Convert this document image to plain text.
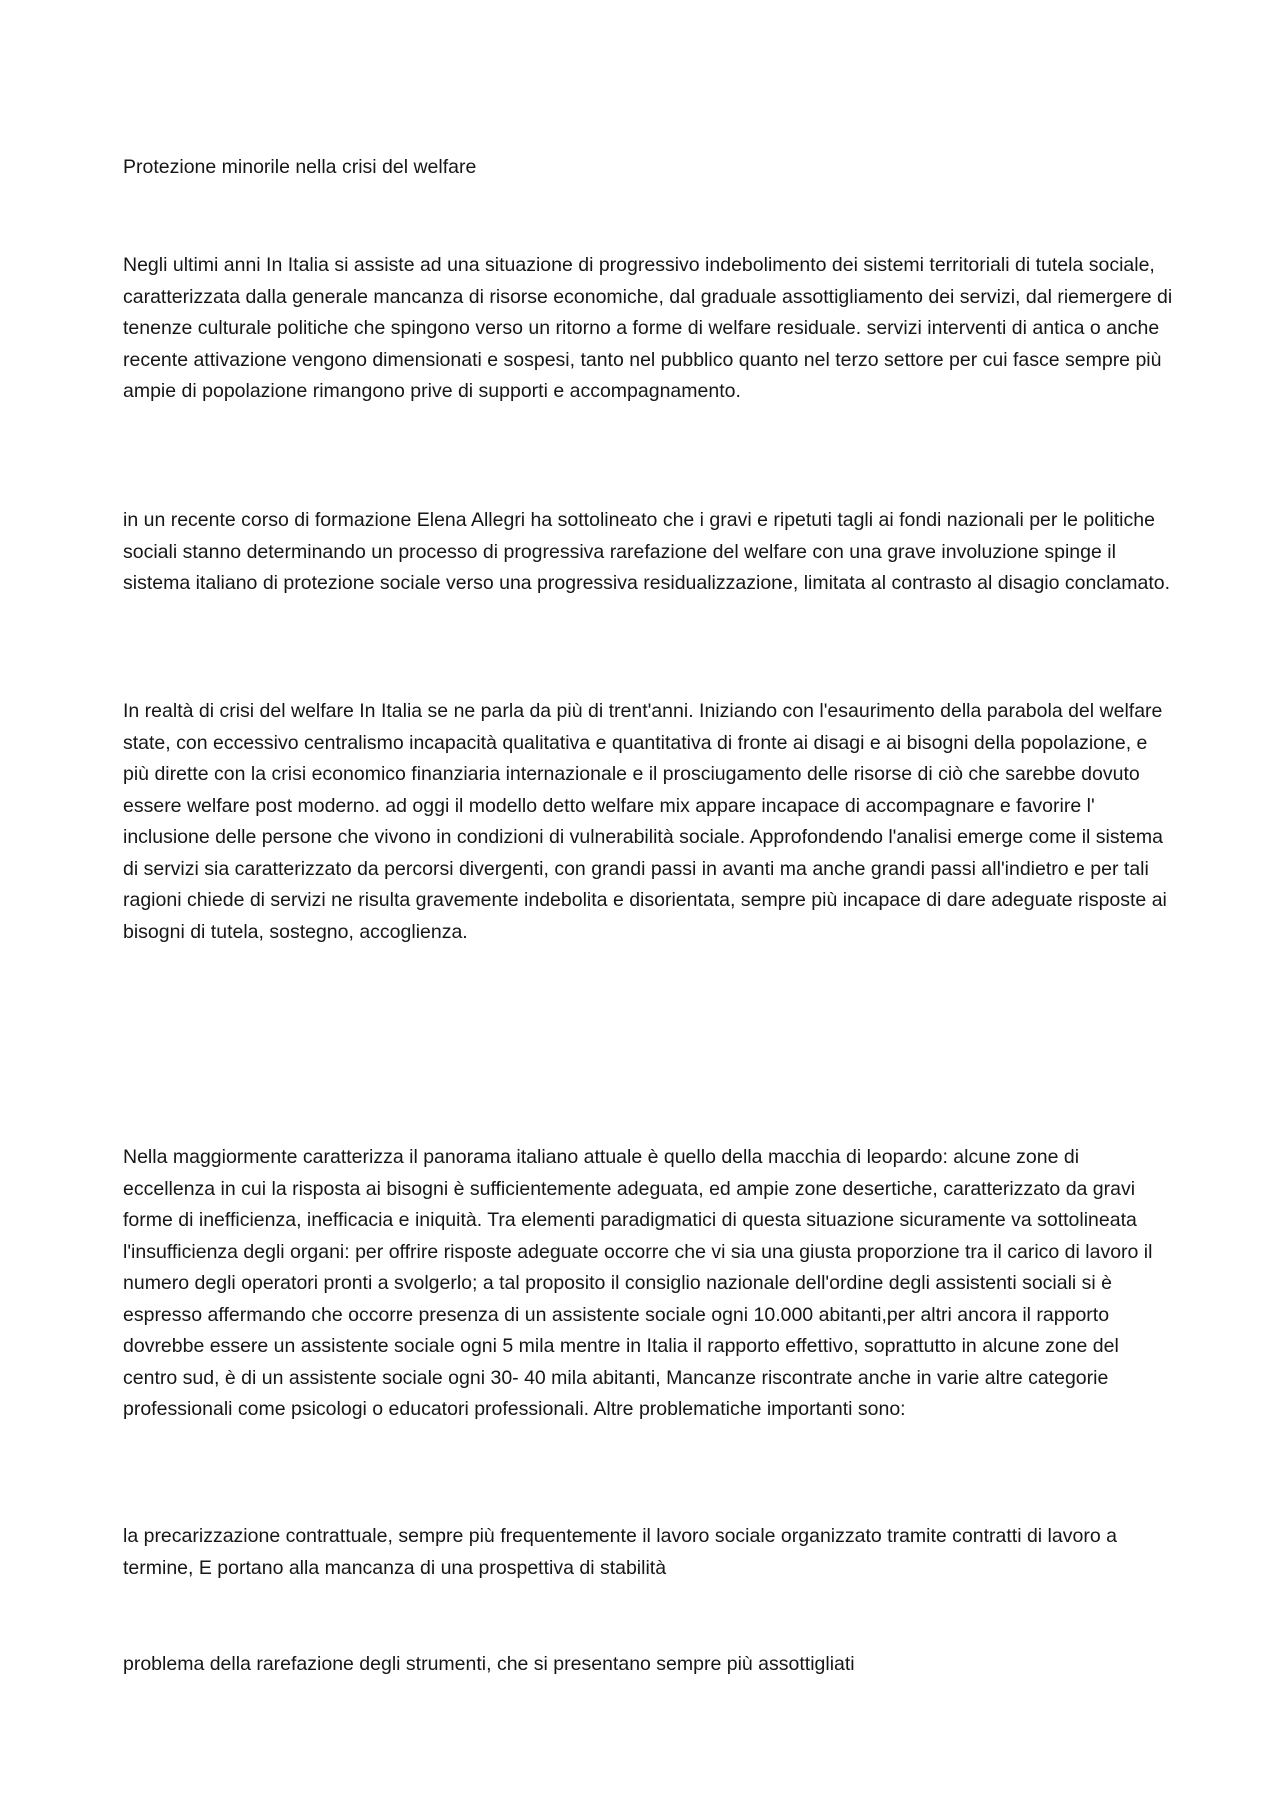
Protezione minorile nella crisi del welfare

Negli ultimi anni In Italia si assiste ad una situazione di progressivo indebolimento dei sistemi territoriali di tutela sociale, caratterizzata dalla generale mancanza di risorse economiche, dal graduale assottigliamento dei servizi, dal riemergere di tenenze culturale politiche che spingono verso un ritorno a forme di welfare residuale. servizi interventi di antica o anche recente attivazione vengono dimensionati e sospesi, tanto nel pubblico quanto nel terzo settore per cui fasce sempre più ampie di popolazione rimangono prive di supporti e accompagnamento.

in un recente corso di formazione Elena Allegri ha sottolineato che i gravi e ripetuti tagli ai fondi nazionali per le politiche sociali stanno determinando un processo di progressiva rarefazione del welfare con una grave involuzione spinge il sistema italiano di protezione sociale verso una progressiva residualizzazione, limitata al contrasto al disagio conclamato.

In realtà di crisi del welfare In Italia se ne parla da più di trent'anni. Iniziando con l'esaurimento della parabola del welfare state, con eccessivo centralismo incapacità qualitativa e quantitativa di fronte ai disagi e ai bisogni della popolazione, e più dirette con la crisi economico finanziaria internazionale e il prosciugamento delle risorse di ciò che sarebbe dovuto essere welfare post moderno. ad oggi il modello detto welfare mix appare incapace di accompagnare e favorire l' inclusione delle persone che vivono in condizioni di vulnerabilità sociale. Approfondendo l'analisi emerge come il sistema di servizi sia caratterizzato da percorsi divergenti, con grandi passi in avanti ma anche grandi passi all'indietro e per tali ragioni chiede di servizi ne risulta gravemente indebolita e disorientata, sempre più incapace di dare adeguate risposte ai bisogni di tutela, sostegno, accoglienza.

Nella maggiormente caratterizza il panorama italiano attuale è quello della macchia di leopardo: alcune zone di eccellenza in cui la risposta ai bisogni è sufficientemente adeguata, ed ampie zone desertiche, caratterizzato da gravi forme di inefficienza, inefficacia e iniquità. Tra elementi paradigmatici di questa situazione sicuramente va sottolineata l'insufficienza degli organi: per offrire risposte adeguate occorre che vi sia una giusta proporzione tra il carico di lavoro il numero degli operatori pronti a svolgerlo; a tal proposito il consiglio nazionale dell'ordine degli assistenti sociali si è espresso affermando che occorre presenza di un assistente sociale ogni 10.000 abitanti,per altri ancora il rapporto dovrebbe essere un assistente sociale ogni 5 mila mentre in Italia il rapporto effettivo, soprattutto in alcune zone del centro sud, è di un assistente sociale ogni 30- 40 mila abitanti, Mancanze riscontrate anche in varie altre categorie professionali come psicologi o educatori professionali. Altre problematiche importanti sono:

la precarizzazione contrattuale, sempre più frequentemente il lavoro sociale organizzato tramite contratti di lavoro a termine, E portano alla mancanza di una prospettiva di stabilità

problema della rarefazione degli strumenti, che si presentano sempre più assottigliati
